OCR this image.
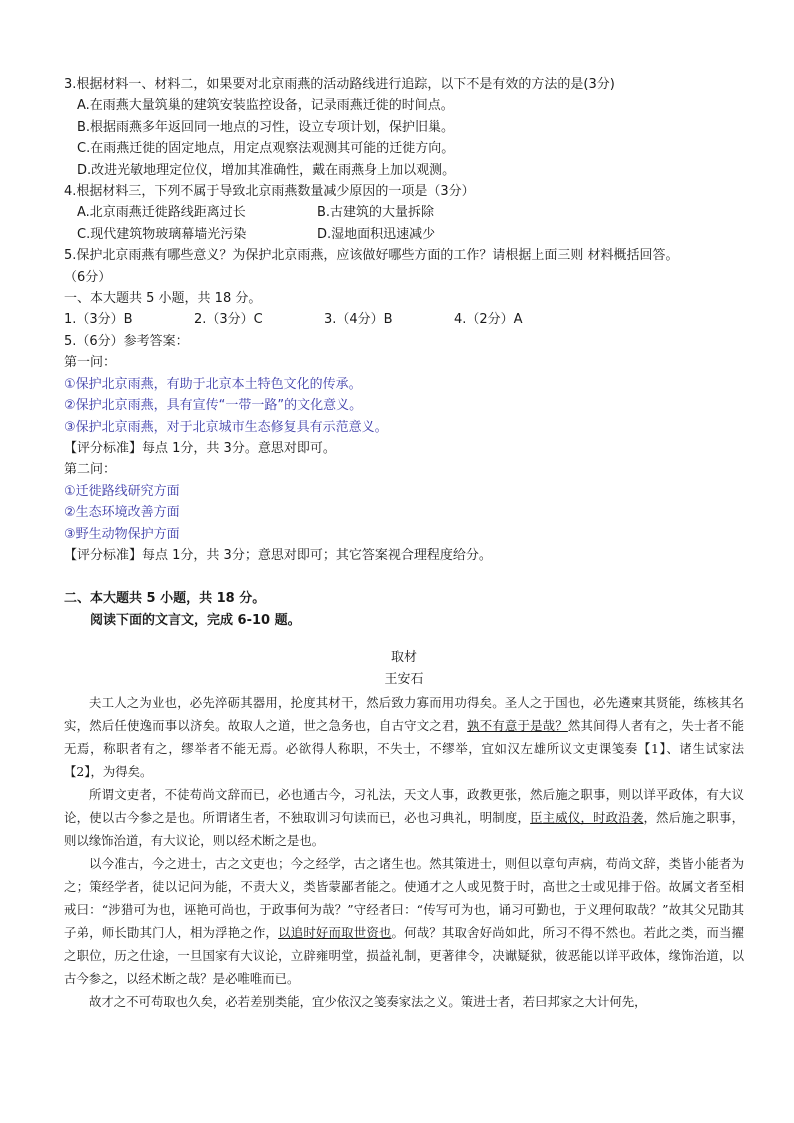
3.根据材料一、材料二，如果要对北京雨燕的活动路线进行追踪，以下不是有效的方法的是(3分)
A.在雨燕大量筑巢的建筑安装监控设备，记录雨燕迁徙的时间点。
B.根据雨燕多年返回同一地点的习性，设立专项计划，保护旧巢。
C.在雨燕迁徙的固定地点，用定点观察法观测其可能的迁徙方向。
D.改进光敏地理定位仪，增加其准确性，戴在雨燕身上加以观测。
4.根据材料三，下列不属于导致北京雨燕数量减少原因的一项是（3分）
A.北京雨燕迁徙路线距离过长	B.古建筑的大量拆除
C.现代建筑物玻璃幕墙光污染	D.湿地面积迅速减少
5.保护北京雨燕有哪些意义？为保护北京雨燕，应该做好哪些方面的工作？请根据上面三则 材料概括回答。
（6分）
一、本大题共 5 小题，共 18 分。
1.（3分）B	2.（3分）C	3.（4分）B	4.（2分）A
5.（6分）参考答案：
第一问：
①保护北京雨燕，有助于北京本土特色文化的传承。
②保护北京雨燕，具有宣传“一带一路”的文化意义。
③保护北京雨燕，对于北京城市生态修复具有示范意义。
【评分标准】每点 1分，共 3分。意思对即可。
第二问：
①迁徙路线研究方面
②生态环境改善方面
③野生动物保护方面
【评分标准】每点 1分，共 3分；意思对即可；其它答案视合理程度给分。
二、本大题共 5 小题，共 18 分。
阅读下面的文言文，完成 6-10 题。
取材
王安石

夫工人之为业也，必先淬砺其器用，抡度其材干，然后致力寡而用功得矣。圣人之于国也，必先遴柬其贤能，练核其名实，然后任使逸而事以济矣。故取人之道，世之急务也，自古守文之君，孰不有意于是哉？然其间得人者有之，失士者不能无焉，称职者有之，缪举者不能无焉。必欲得人称职，不失士，不缪举，宜如汉左雄所议文吏课笺奏【1】、诸生试家法【2】，为得矣。

所谓文吏者，不徒苟尚文辞而已，必也通古今，习礼法，天文人事，政教更张，然后施之职事，则以详平政体，有大议论，使以古今参之是也。所谓诸生者，不独取训习句读而已，必也习典礼，明制度，臣主威仪，时政沿袭，然后施之职事，则以缘饰治道，有大议论，则以经术断之是也。

以今准古，今之进士，古之文吏也；今之经学，古之诸生也。然其策进士，则但以章句声病，苟尚文辞，类皆小能者为之；策经学者，徒以记问为能，不责大义，类皆蒙鄙者能之。使通才之人或见赘于时，高世之士或见排于俗。故属文者至相戒曰：“涉猎可为也，诬艳可尚也，于政事何为哉？”守经者曰：“传写可为也，诵习可勤也，于义理何取哉？”故其父兄勖其子弟，师长勖其门人，相为浮艳之作，以追时好而取世资也。何哉？其取舍好尚如此，所习不得不然也。若此之类，而当擢之职位，历之仕途，一旦国家有大议论，立辟雍明堂，损益礼制，更著律令，决谳疑狱，彼恶能以详平政体，缘饰治道，以古今参之，以经术断之哉？是必唯唯而已。

故才之不可苟取也久矣，必若差别类能，宜少依汉之笺奏家法之义。策进士者，若曰邦家之大计何先，
